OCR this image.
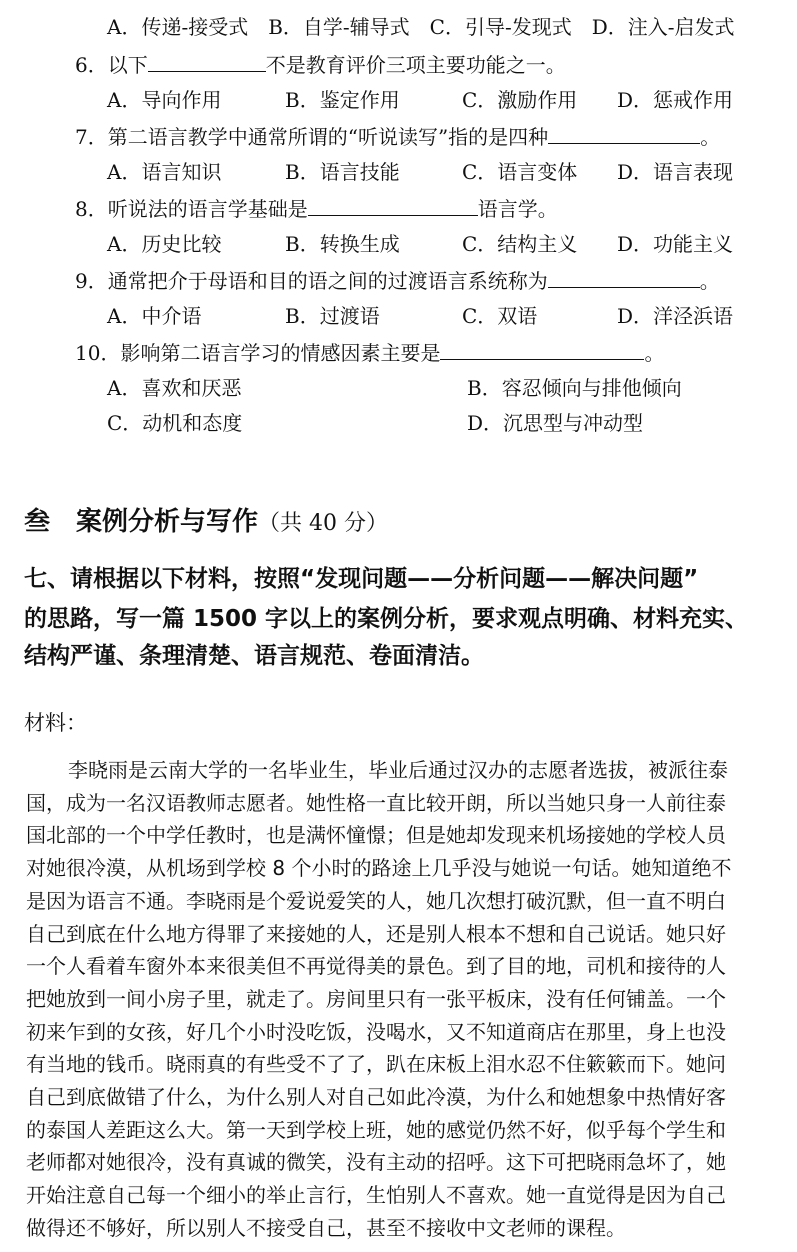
A．传递-接受式　B．自学-辅导式　C．引导-发现式　D．注入-启发式
6．以下	不是教育评价三项主要功能之一。
A．导向作用	B．鉴定作用	C．激励作用 D．惩戒作用
7．第二语言教学中通常所谓的“听说读写”指的是四种	。
A．语言知识	B．语言技能	C．语言变体 D．语言表现
8．听说法的语言学基础是	语言学。
A．历史比较	B．转换生成	C．结构主义 D．功能主义
9．通常把介于母语和目的语之间的过渡语言系统称为	。
A．中介语	B．过渡语	C．双语	D．洋泾浜语
10．影响第二语言学习的情感因素主要是	。
A．喜欢和厌恶	B．容忍倾向与排他倾向
C．动机和态度	D．沉思型与冲动型
叁　案例分析与写作（共 40 分）
七、请根据以下材料，按照“发现问题——分析问题——解决问题”
的思路，写一篇 1500 字以上的案例分析，要求观点明确、材料充实、
结构严谨、条理清楚、语言规范、卷面清洁。
材料：
李晓雨是云南大学的一名毕业生，毕业后通过汉办的志愿者选拔，被派往泰
国，成为一名汉语教师志愿者。她性格一直比较开朗，所以当她只身一人前往泰
国北部的一个中学任教时，也是满怀憧憬；但是她却发现来机场接她的学校人员
对她很冷漠，从机场到学校 8 个小时的路途上几乎没与她说一句话。她知道绝不
是因为语言不通。李晓雨是个爱说爱笑的人，她几次想打破沉默，但一直不明白
自己到底在什么地方得罪了来接她的人，还是别人根本不想和自己说话。她只好
一个人看着车窗外本来很美但不再觉得美的景色。到了目的地，司机和接待的人
把她放到一间小房子里，就走了。房间里只有一张平板床，没有任何铺盖。一个
初来乍到的女孩，好几个小时没吃饭，没喝水，又不知道商店在那里，身上也没
有当地的钱币。晓雨真的有些受不了了，趴在床板上泪水忍不住簌簌而下。她问
自己到底做错了什么，为什么别人对自己如此冷漠，为什么和她想象中热情好客
的泰国人差距这么大。第一天到学校上班，她的感觉仍然不好，似乎每个学生和
老师都对她很冷，没有真诚的微笑，没有主动的招呼。这下可把晓雨急坏了，她
开始注意自己每一个细小的举止言行，生怕别人不喜欢。她一直觉得是因为自己
做得还不够好，所以别人不接受自己，甚至不接收中文老师的课程。
